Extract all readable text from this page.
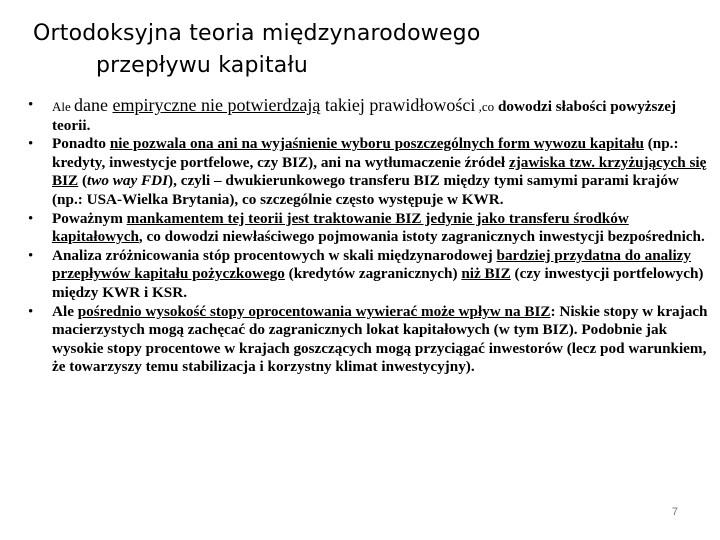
Ortodoksyjna teoria międzynarodowego
przepływu kapitału
• Ale dane empiryczne nie potwierdzają takiej prawidłowości ,co dowodzi słabości powyższej teorii.
• Ponadto nie pozwala ona ani na wyjaśnienie wyboru poszczególnych form wywozu kapitału (np.: kredyty, inwestycje portfelowe, czy BIZ), ani na wytłumaczenie źródeł zjawiska tzw. krzyżujących się BIZ (two way FDI), czyli – dwukierunkowego transferu BIZ między tymi samymi parami krajów (np.: USA-Wielka Brytania), co szczególnie często występuje w KWR.
• Poważnym mankamentem tej teorii jest traktowanie BIZ jedynie jako transferu środków kapitałowych, co dowodzi niewłaściwego pojmowania istoty zagranicznych inwestycji bezpośrednich.
• Analiza zróżnicowania stóp procentowych w skali międzynarodowej bardziej przydatna do analizy przepływów kapitału pożyczkowego (kredytów zagranicznych) niż BIZ (czy inwestycji portfelowych) między KWR i KSR.
• Ale pośrednio wysokość stopy oprocentowania wywierać może wpływ na BIZ: Niskie stopy w krajach macierzystych mogą zachęcać do zagranicznych lokat kapitałowych (w tym BIZ). Podobnie jak wysokie stopy procentowe w krajach goszczących mogą przyciągać inwestorów (lecz pod warunkiem, że towarzyszy temu stabilizacja i korzystny klimat inwestycyjny).
7
